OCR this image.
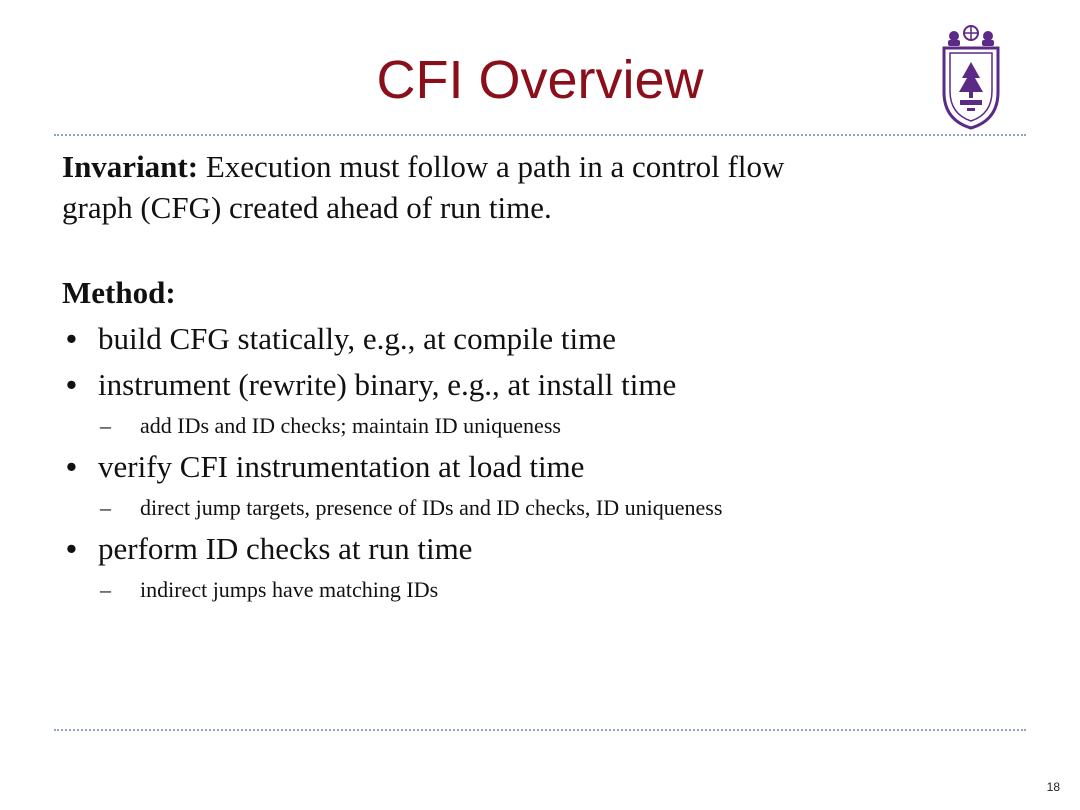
CFI Overview

Invariant: Execution must follow a path in a control flow
graph (CFG) created ahead of run time.

Method:

• build CFG statically, e.g., at compile time
• instrument (rewrite) binary, e.g., at install time
– add IDs and ID checks; maintain ID uniqueness
• verify CFI instrumentation at load time
– direct jump targets, presence of IDs and ID checks, ID uniqueness
• perform ID checks at run time
– indirect jumps have matching IDs
18
